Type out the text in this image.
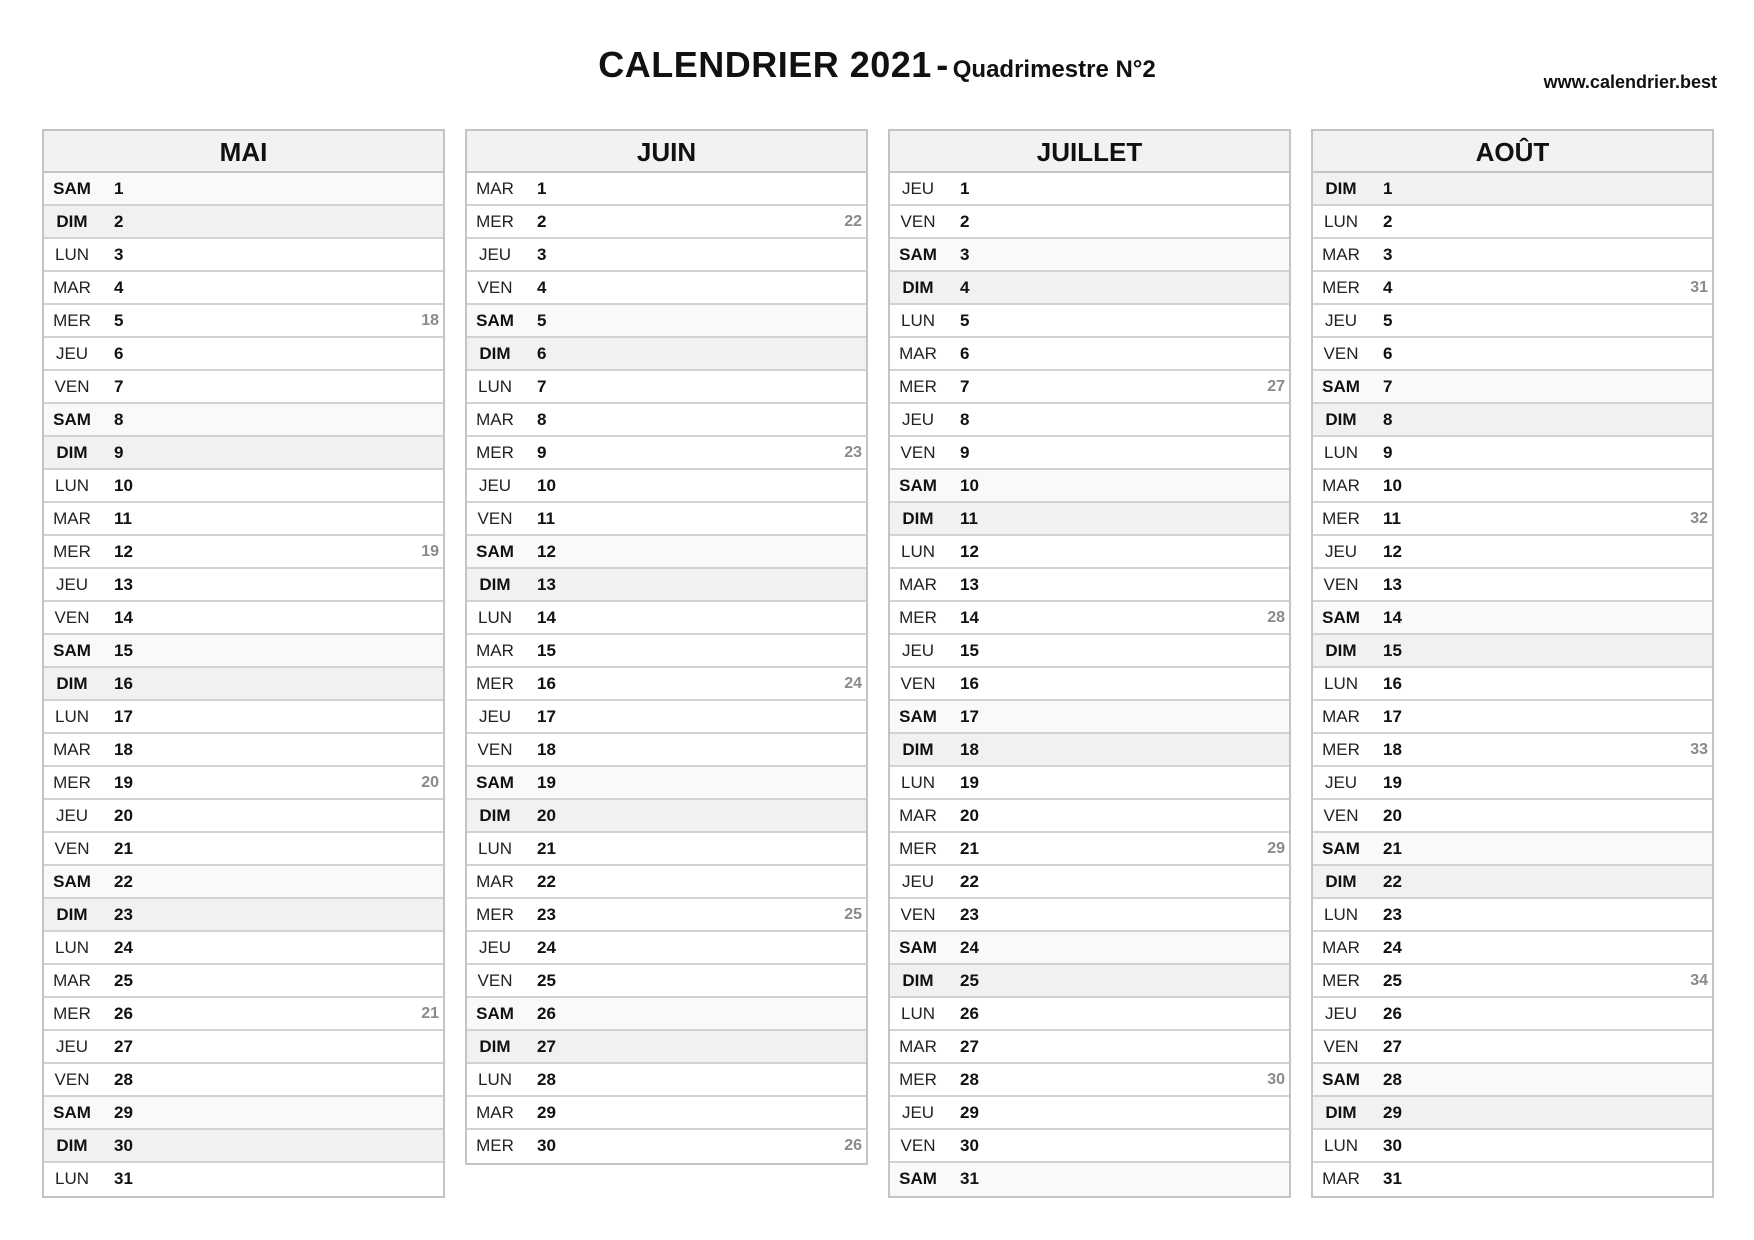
CALENDRIER 2021 - Quadrimestre N°2	www.calendrier.best
MAI
SAM	1
DIM	2
LUN	3
MAR	4
MER	5	18
JEU	6
VEN	7
SAM	8
DIM	9
LUN	10
MAR	11
MER	12	19
JEU	13
VEN	14
SAM	15
DIM	16
LUN	17
MAR	18
MER	19	20
JEU	20
VEN	21
SAM	22
DIM	23
LUN	24
MAR	25
MER	26	21
JEU	27
VEN	28
SAM	29
DIM	30
LUN	31
JUIN
MAR	1
MER	2	22
JEU	3
VEN	4
SAM	5
DIM	6
LUN	7
MAR	8
MER	9	23
JEU	10
VEN	11
SAM	12
DIM	13
LUN	14
MAR	15
MER	16	24
JEU	17
VEN	18
SAM	19
DIM	20
LUN	21
MAR	22
MER	23	25
JEU	24
VEN	25
SAM	26
DIM	27
LUN	28
MAR	29
MER	30	26
JUILLET
JEU	1
VEN	2
SAM	3
DIM	4
LUN	5
MAR	6
MER	7	27
JEU	8
VEN	9
SAM	10
DIM	11
LUN	12
MAR	13
MER	14	28
JEU	15
VEN	16
SAM	17
DIM	18
LUN	19
MAR	20
MER	21	29
JEU	22
VEN	23
SAM	24
DIM	25
LUN	26
MAR	27
MER	28	30
JEU	29
VEN	30
SAM	31
AOÛT
DIM	1
LUN	2
MAR	3
MER	4	31
JEU	5
VEN	6
SAM	7
DIM	8
LUN	9
MAR	10
MER	11	32
JEU	12
VEN	13
SAM	14
DIM	15
LUN	16
MAR	17
MER	18	33
JEU	19
VEN	20
SAM	21
DIM	22
LUN	23
MAR	24
MER	25	34
JEU	26
VEN	27
SAM	28
DIM	29
LUN	30
MAR	31
